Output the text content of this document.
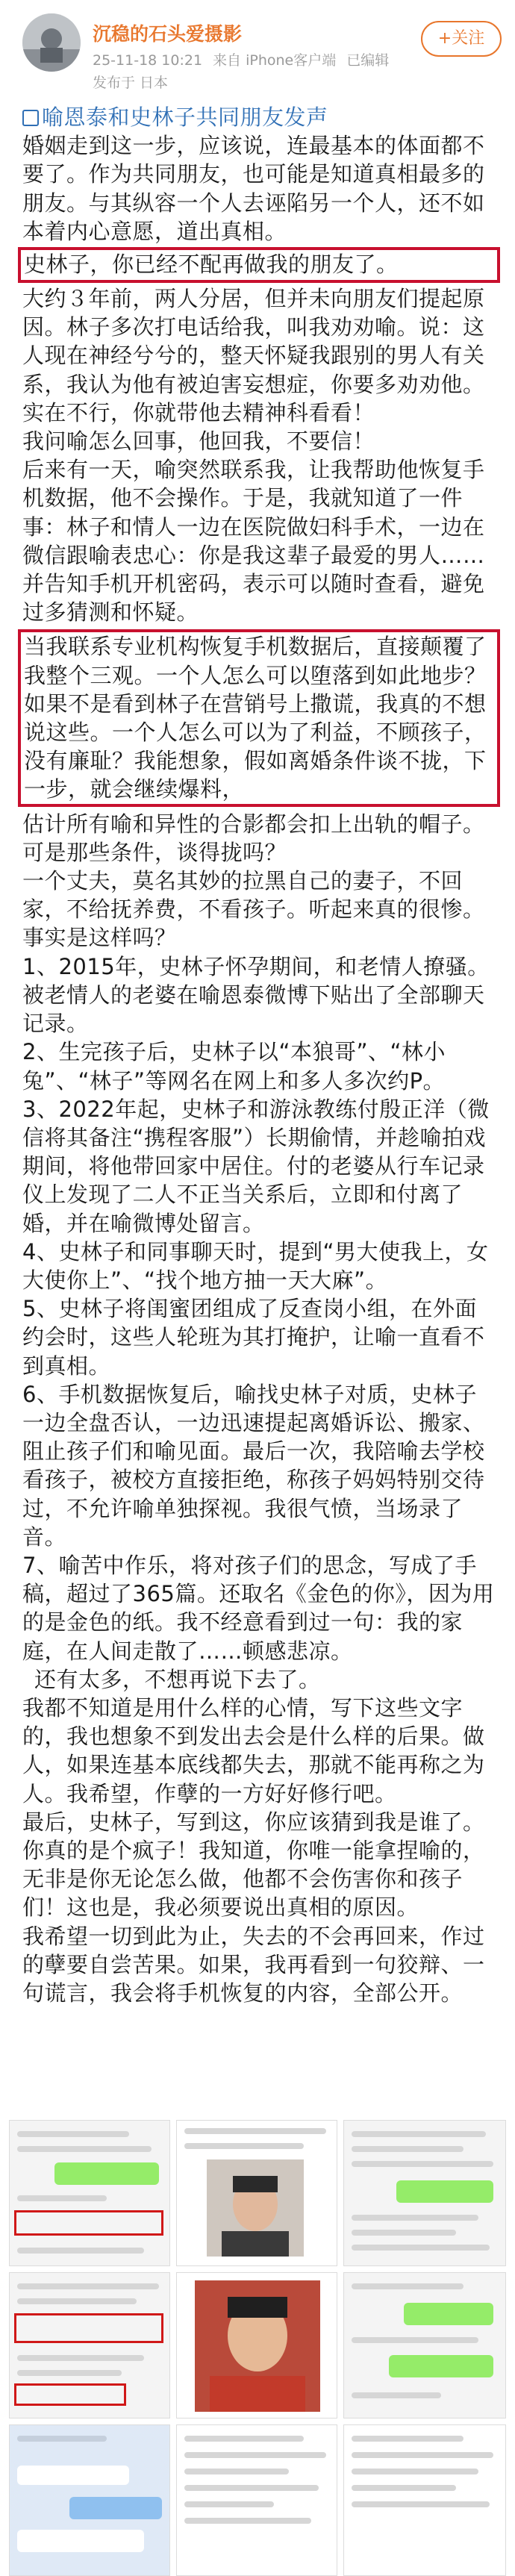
沉稳的石头爱摄影
25-11-18 10:21 来自 iPhone客户端 已编辑
发布于 日本
+关注
喻恩泰和史林子共同朋友发声
婚姻走到这一步，应该说，连最基本的体面都不要了。作为共同朋友，也可能是知道真相最多的朋友。与其纵容一个人去诬陷另一个人，还不如本着内心意愿，道出真相。
史林子，你已经不配再做我的朋友了。
大约３年前，两人分居，但并未向朋友们提起原因。林子多次打电话给我，叫我劝劝喻。说：这人现在神经兮兮的，整天怀疑我跟别的男人有关系，我认为他有被迫害妄想症，你要多劝劝他。实在不行，你就带他去精神科看看！
我问喻怎么回事，他回我，不要信！
后来有一天，喻突然联系我，让我帮助他恢复手机数据，他不会操作。于是，我就知道了一件事：林子和情人一边在医院做妇科手术，一边在微信跟喻表忠心：你是我这辈子最爱的男人……并告知手机开机密码，表示可以随时查看，避免过多猜测和怀疑。
当我联系专业机构恢复手机数据后，直接颠覆了我整个三观。一个人怎么可以堕落到如此地步？如果不是看到林子在营销号上撒谎，我真的不想说这些。一个人怎么可以为了利益，不顾孩子，没有廉耻？我能想象，假如离婚条件谈不拢，下一步，就会继续爆料，
估计所有喻和异性的合影都会扣上出轨的帽子。可是那些条件，谈得拢吗？
一个丈夫，莫名其妙的拉黑自己的妻子，不回家，不给抚养费，不看孩子。听起来真的很惨。事实是这样吗？
1、2015年，史林子怀孕期间，和老情人撩骚。被老情人的老婆在喻恩泰微博下贴出了全部聊天记录。
2、生完孩子后，史林子以“本狼哥”、“林小兔”、“林子”等网名在网上和多人多次约P。
3、2022年起，史林子和游泳教练付殷正洋（微信将其备注“携程客服”）长期偷情，并趁喻拍戏期间，将他带回家中居住。付的老婆从行车记录仪上发现了二人不正当关系后，立即和付离了婚，并在喻微博处留言。
4、史林子和同事聊天时，提到“男大使我上，女大使你上”、“找个地方抽一天大麻”。
5、史林子将闺蜜团组成了反查岗小组，在外面约会时，这些人轮班为其打掩护，让喻一直看不到真相。
6、手机数据恢复后，喻找史林子对质，史林子一边全盘否认，一边迅速提起离婚诉讼、搬家、阻止孩子们和喻见面。最后一次，我陪喻去学校看孩子，被校方直接拒绝，称孩子妈妈特别交待过，不允许喻单独探视。我很气愤，当场录了音。
7、喻苦中作乐，将对孩子们的思念，写成了手稿，超过了365篇。还取名《金色的你》，因为用的是金色的纸。我不经意看到过一句：我的家庭，在人间走散了……顿感悲凉。
还有太多，不想再说下去了。
我都不知道是用什么样的心情，写下这些文字的，我也想象不到发出去会是什么样的后果。做人，如果连基本底线都失去，那就不能再称之为人。我希望，作孽的一方好好修行吧。
最后，史林子，写到这，你应该猜到我是谁了。你真的是个疯子！我知道，你唯一能拿捏喻的，无非是你无论怎么做，他都不会伤害你和孩子们！这也是，我必须要说出真相的原因。
我希望一切到此为止，失去的不会再回来，作过的孽要自尝苦果。如果，我再看到一句狡辩、一句谎言，我会将手机恢复的内容，全部公开。
